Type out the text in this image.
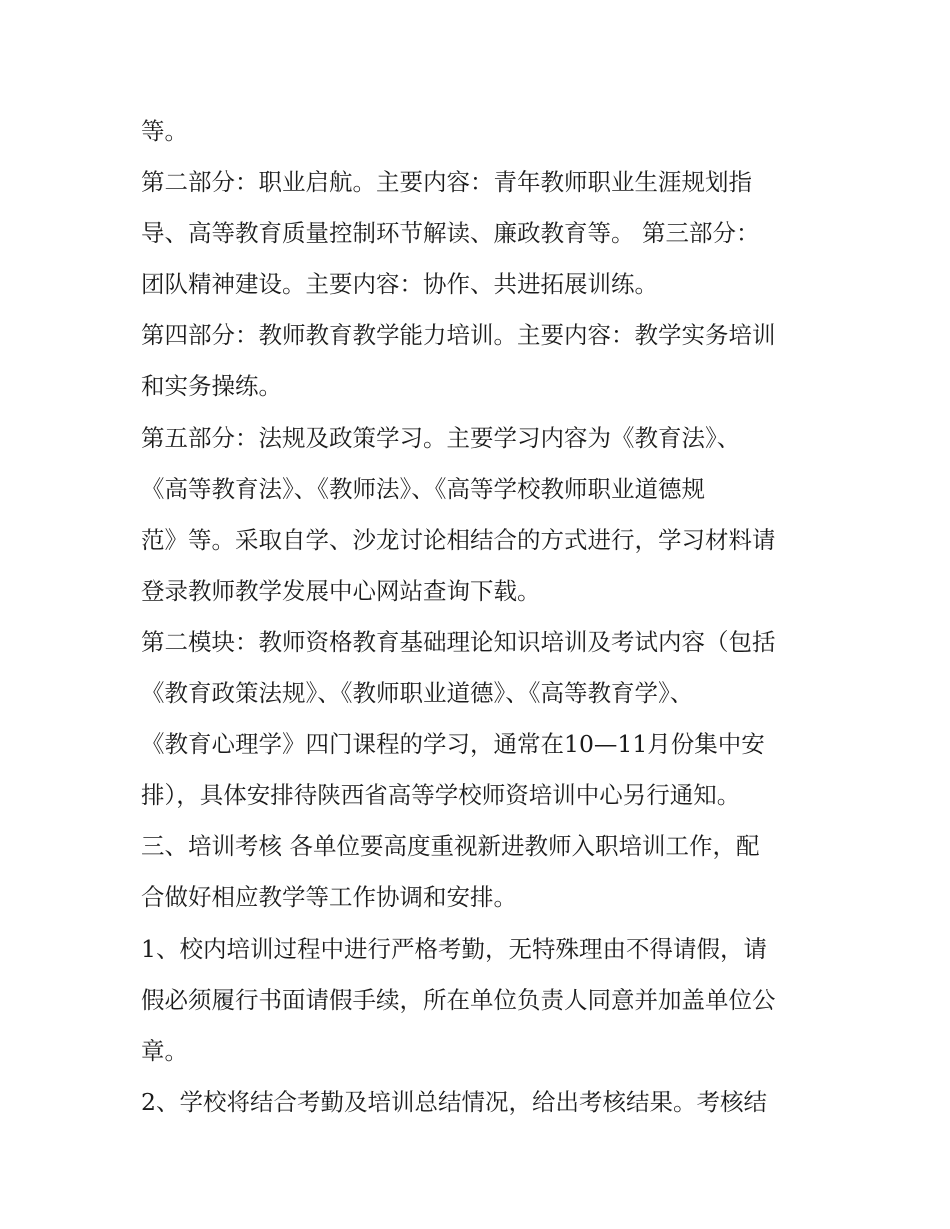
等。
第二部分：职业启航。主要内容：青年教师职业生涯规划指
导、高等教育质量控制环节解读、廉政教育等。 第三部分：
团队精神建设。主要内容：协作、共进拓展训练。
第四部分：教师教育教学能力培训。主要内容：教学实务培训
和实务操练。
第五部分：法规及政策学习。主要学习内容为《教育法》、
《高等教育法》、《教师法》、《高等学校教师职业道德规
范》等。采取自学、沙龙讨论相结合的方式进行，学习材料请
登录教师教学发展中心网站查询下载。
第二模块：教师资格教育基础理论知识培训及考试内容（包括
《教育政策法规》、《教师职业道德》、《高等教育学》、
《教育心理学》四门课程的学习，通常在10—11月份集中安
排），具体安排待陕西省高等学校师资培训中心另行通知。
三、培训考核 各单位要高度重视新进教师入职培训工作，配
合做好相应教学等工作协调和安排。
1、校内培训过程中进行严格考勤，无特殊理由不得请假，请
假必须履行书面请假手续，所在单位负责人同意并加盖单位公
章。
2、学校将结合考勤及培训总结情况，给出考核结果。考核结
